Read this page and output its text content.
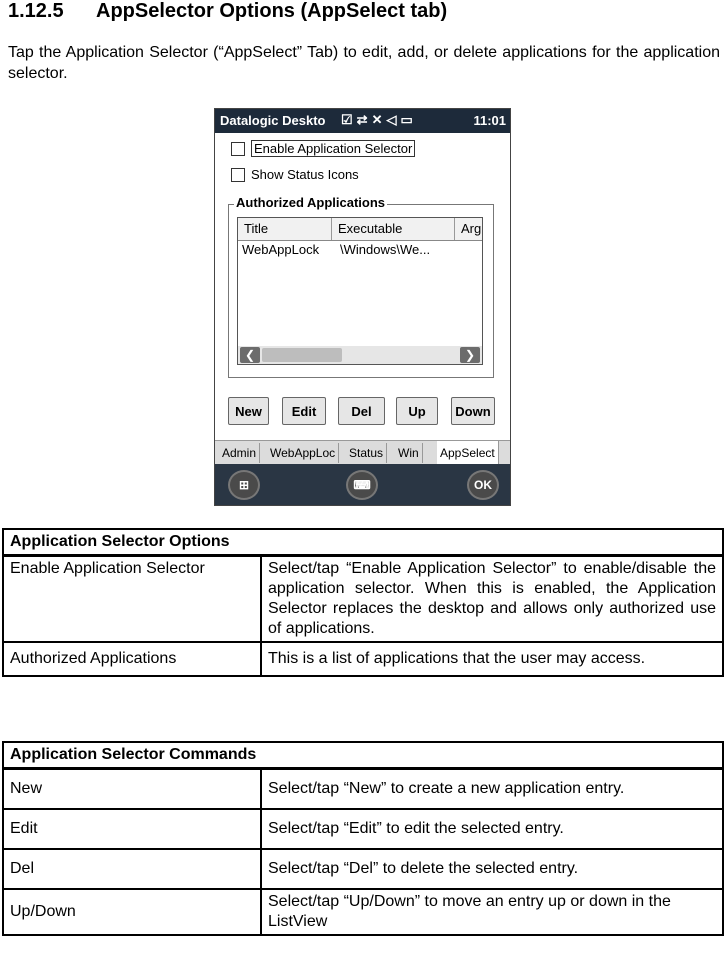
1.12.5 AppSelector Options (AppSelect tab)
Tap the Application Selector (“AppSelect” Tab) to edit, add, or delete applications for the application selector.
Datalogic Deskto ☑⇄✕◁▭	11:01
Enable Application Selector
Show Status Icons
Authorized Applications
Title	Executable	Arg
WebAppLock	\Windows\We...
❮	❯
New	Edit	Del	Up	Down
Admin	WebAppLoc	Status	Win	AppSelect
⊞	⌨	OK
Application Selector Options	
Enable Application Selector	Select/tap “Enable Application Selector” to enable/disable the application selector. When this is enabled, the Application Selector replaces the desktop and allows only authorized use of applications.
Authorized Applications	This is a list of applications that the user may access.
Application Selector Commands	
New	Select/tap “New” to create a new application entry.
Edit	Select/tap “Edit” to edit the selected entry.
Del	Select/tap “Del” to delete the selected entry.
Up/Down	Select/tap “Up/Down” to move an entry up or down in the ListView
